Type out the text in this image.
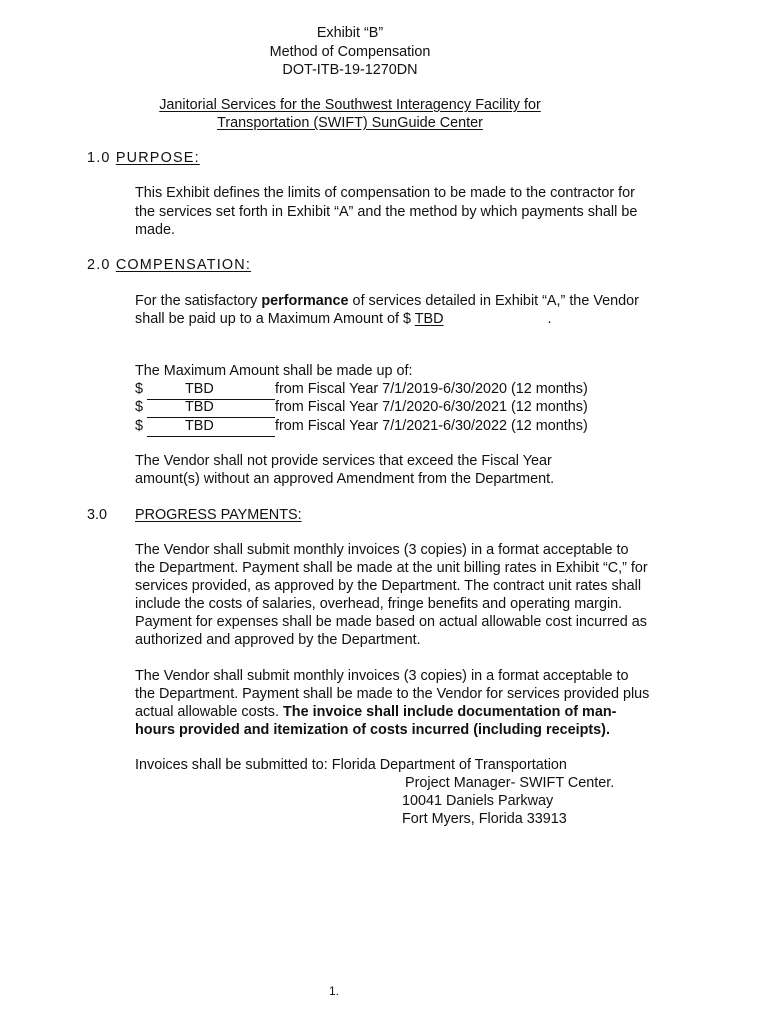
Exhibit “B”
Method of Compensation
DOT-ITB-19-1270DN
Janitorial Services for the Southwest Interagency Facility for
Transportation (SWIFT) SunGuide Center
1.0 PURPOSE:
This Exhibit defines the limits of compensation to be made to the contractor for
the services set forth in Exhibit “A” and the method by which payments shall be
made.
2.0 COMPENSATION:
For the satisfactory performance of services detailed in Exhibit “A,” the Vendor
shall be paid up to a Maximum Amount of $ TBD	.
The Maximum Amount shall be made up of:
$	TBD	from Fiscal Year 7/1/2019-6/30/2020 (12 months)
$	TBD	from Fiscal Year 7/1/2020-6/30/2021 (12 months)
$	TBD	from Fiscal Year 7/1/2021-6/30/2022 (12 months)
The Vendor shall not provide services that exceed the Fiscal Year
amount(s) without an approved Amendment from the Department.
3.0 PROGRESS PAYMENTS:
The Vendor shall submit monthly invoices (3 copies) in a format acceptable to
the Department. Payment shall be made at the unit billing rates in Exhibit “C,” for
services provided, as approved by the Department. The contract unit rates shall
include the costs of salaries, overhead, fringe benefits and operating margin.
Payment for expenses shall be made based on actual allowable cost incurred as
authorized and approved by the Department.
The Vendor shall submit monthly invoices (3 copies) in a format acceptable to
the Department. Payment shall be made to the Vendor for services provided plus
actual allowable costs. The invoice shall include documentation of man-
hours provided and itemization of costs incurred (including receipts).
Invoices shall be submitted to: Florida Department of Transportation
Project Manager- SWIFT Center.
10041 Daniels Parkway
Fort Myers, Florida 33913
1.
